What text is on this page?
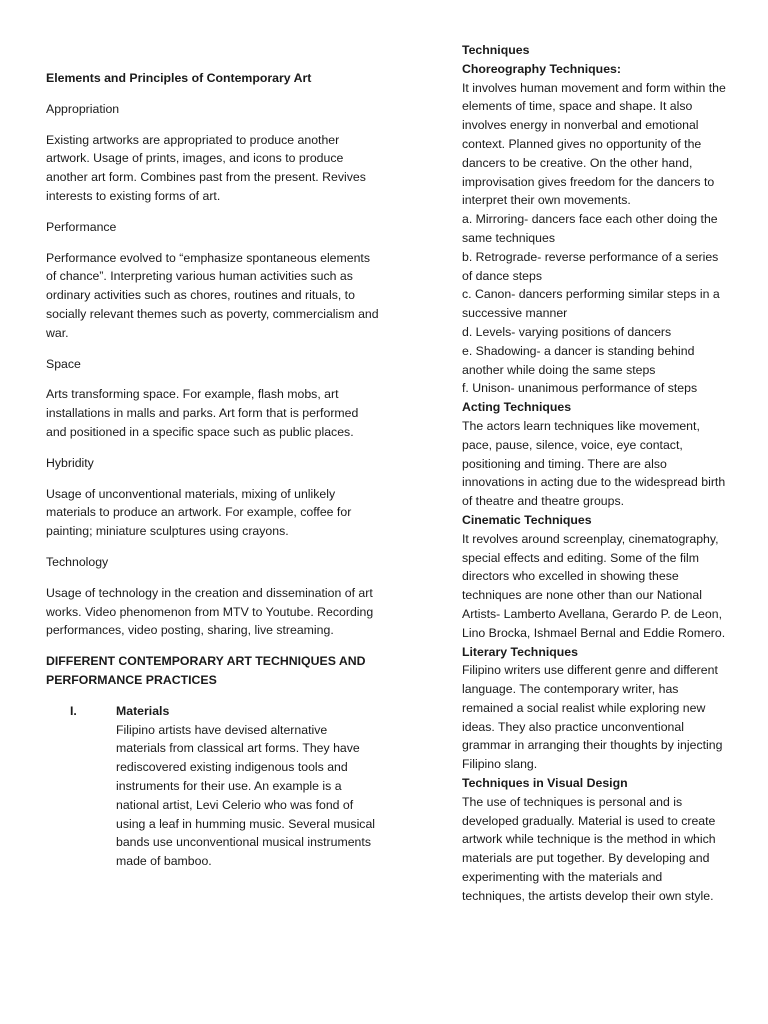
Elements and Principles of Contemporary Art

Appropriation

Existing artworks are appropriated to produce another artwork. Usage of prints, images, and icons to produce another art form. Combines past from the present. Revives interests to existing forms of art.

Performance

Performance evolved to “emphasize spontaneous elements of chance”. Interpreting various human activities such as ordinary activities such as chores, routines and rituals, to socially relevant themes such as poverty, commercialism and war.

Space

Arts transforming space. For example, flash mobs, art installations in malls and parks. Art form that is performed and positioned in a specific space such as public places.

Hybridity

Usage of unconventional materials, mixing of unlikely materials to produce an artwork. For example, coffee for painting; miniature sculptures using crayons.

Technology

Usage of technology in the creation and dissemination of art works. Video phenomenon from MTV to Youtube. Recording performances, video posting, sharing, live streaming.

DIFFERENT CONTEMPORARY ART TECHNIQUES AND PERFORMANCE PRACTICES

I.	Materials
Filipino artists have devised alternative materials from classical art forms. They have rediscovered existing indigenous tools and instruments for their use. An example is a national artist, Levi Celerio who was fond of using a leaf in humming music. Several musical bands use unconventional musical instruments made of bamboo.
Techniques
Choreography Techniques:
It involves human movement and form within the elements of time, space and shape. It also involves energy in nonverbal and emotional context. Planned gives no opportunity of the dancers to be creative. On the other hand, improvisation gives freedom for the dancers to interpret their own movements.
a. Mirroring- dancers face each other doing the same techniques
b. Retrograde- reverse performance of a series of dance steps
c. Canon- dancers performing similar steps in a successive manner
d. Levels- varying positions of dancers
e. Shadowing- a dancer is standing behind another while doing the same steps
f. Unison- unanimous performance of steps
Acting Techniques
The actors learn techniques like movement, pace, pause, silence, voice, eye contact, positioning and timing. There are also innovations in acting due to the widespread birth of theatre and theatre groups.
Cinematic Techniques
It revolves around screenplay, cinematography, special effects and editing. Some of the film directors who excelled in showing these techniques are none other than our National Artists- Lamberto Avellana, Gerardo P. de Leon, Lino Brocka, Ishmael Bernal and Eddie Romero.
Literary Techniques
Filipino writers use different genre and different language. The contemporary writer, has remained a social realist while exploring new ideas. They also practice unconventional grammar in arranging their thoughts by injecting Filipino slang.
Techniques in Visual Design
The use of techniques is personal and is developed gradually. Material is used to create artwork while technique is the method in which materials are put together. By developing and experimenting with the materials and techniques, the artists develop their own style.
